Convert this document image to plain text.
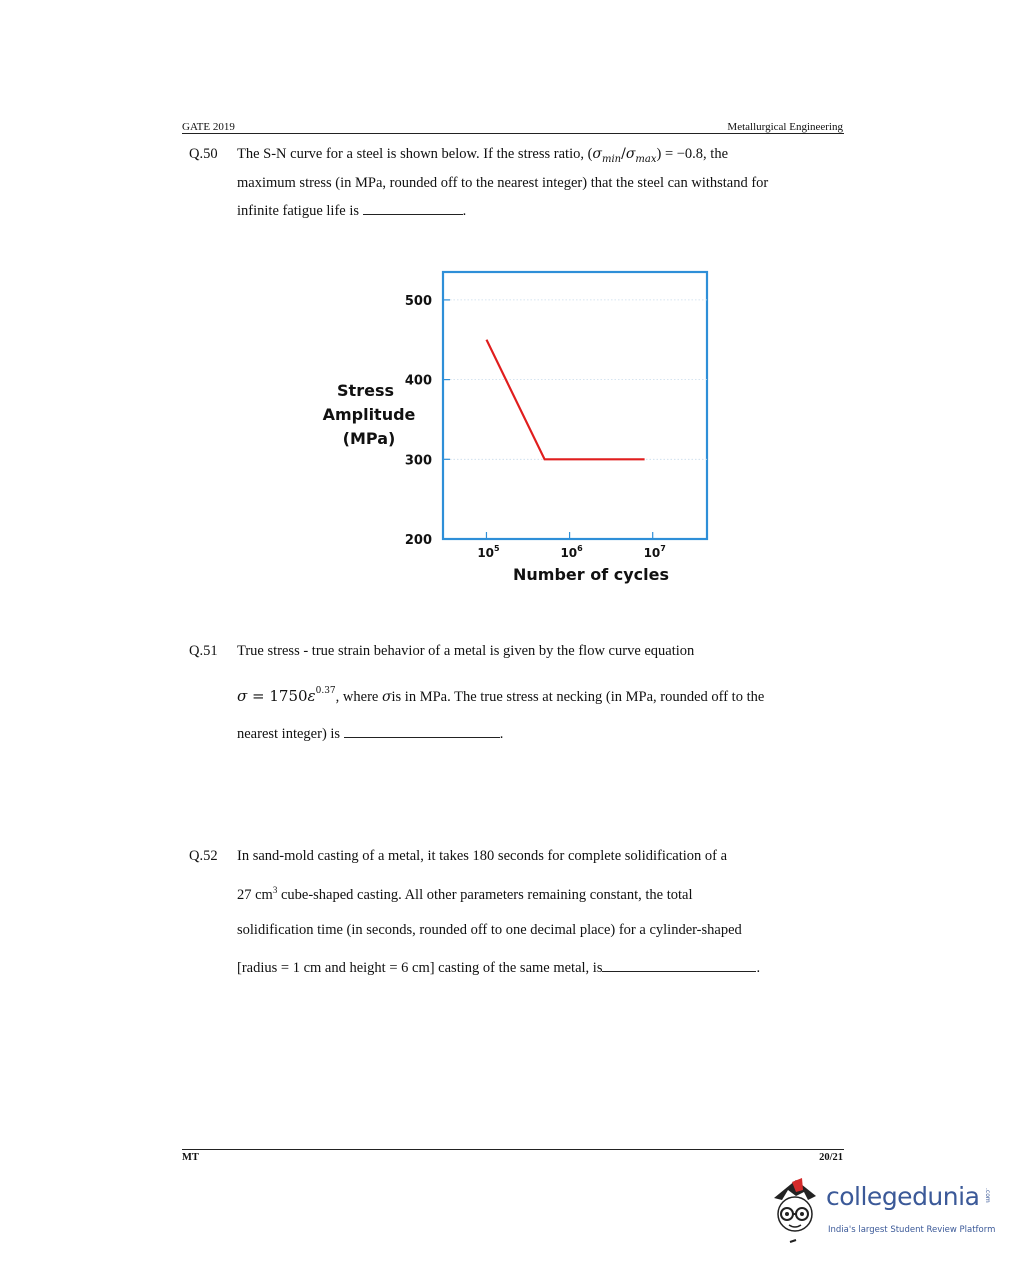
GATE 2019	Metallurgical Engineering
Q.50 The S-N curve for a steel is shown below. If the stress ratio, $(\sigma_{min}/\sigma_{max}) = -0.8$, the
maximum stress (in MPa, rounded off to the nearest integer) that the steel can withstand for
infinite fatigue life is	.
500
400
300
200
$10^5$	$10^6$	$10^7$
Number of cycles
Stress
Amplitude
(MPa)
Q.51 True stress - true strain behavior of a metal is given by the flow curve equation
$\sigma = 1750\varepsilon^{0.37}$, where σis in MPa. The true stress at necking (in MPa, rounded off to the
nearest integer) is	.
Q.52 In sand-mold casting of a metal, it takes 180 seconds for complete solidification of a
27 $cm^3$ cube-shaped casting. All other parameters remaining constant, the total
solidification time (in seconds, rounded off to one decimal place) for a cylinder-shaped
[radius = 1 cm and height = 6 cm] casting of the same metal, is	.
MT	20/21
collegedunia .com
India's largest Student Review Platform
